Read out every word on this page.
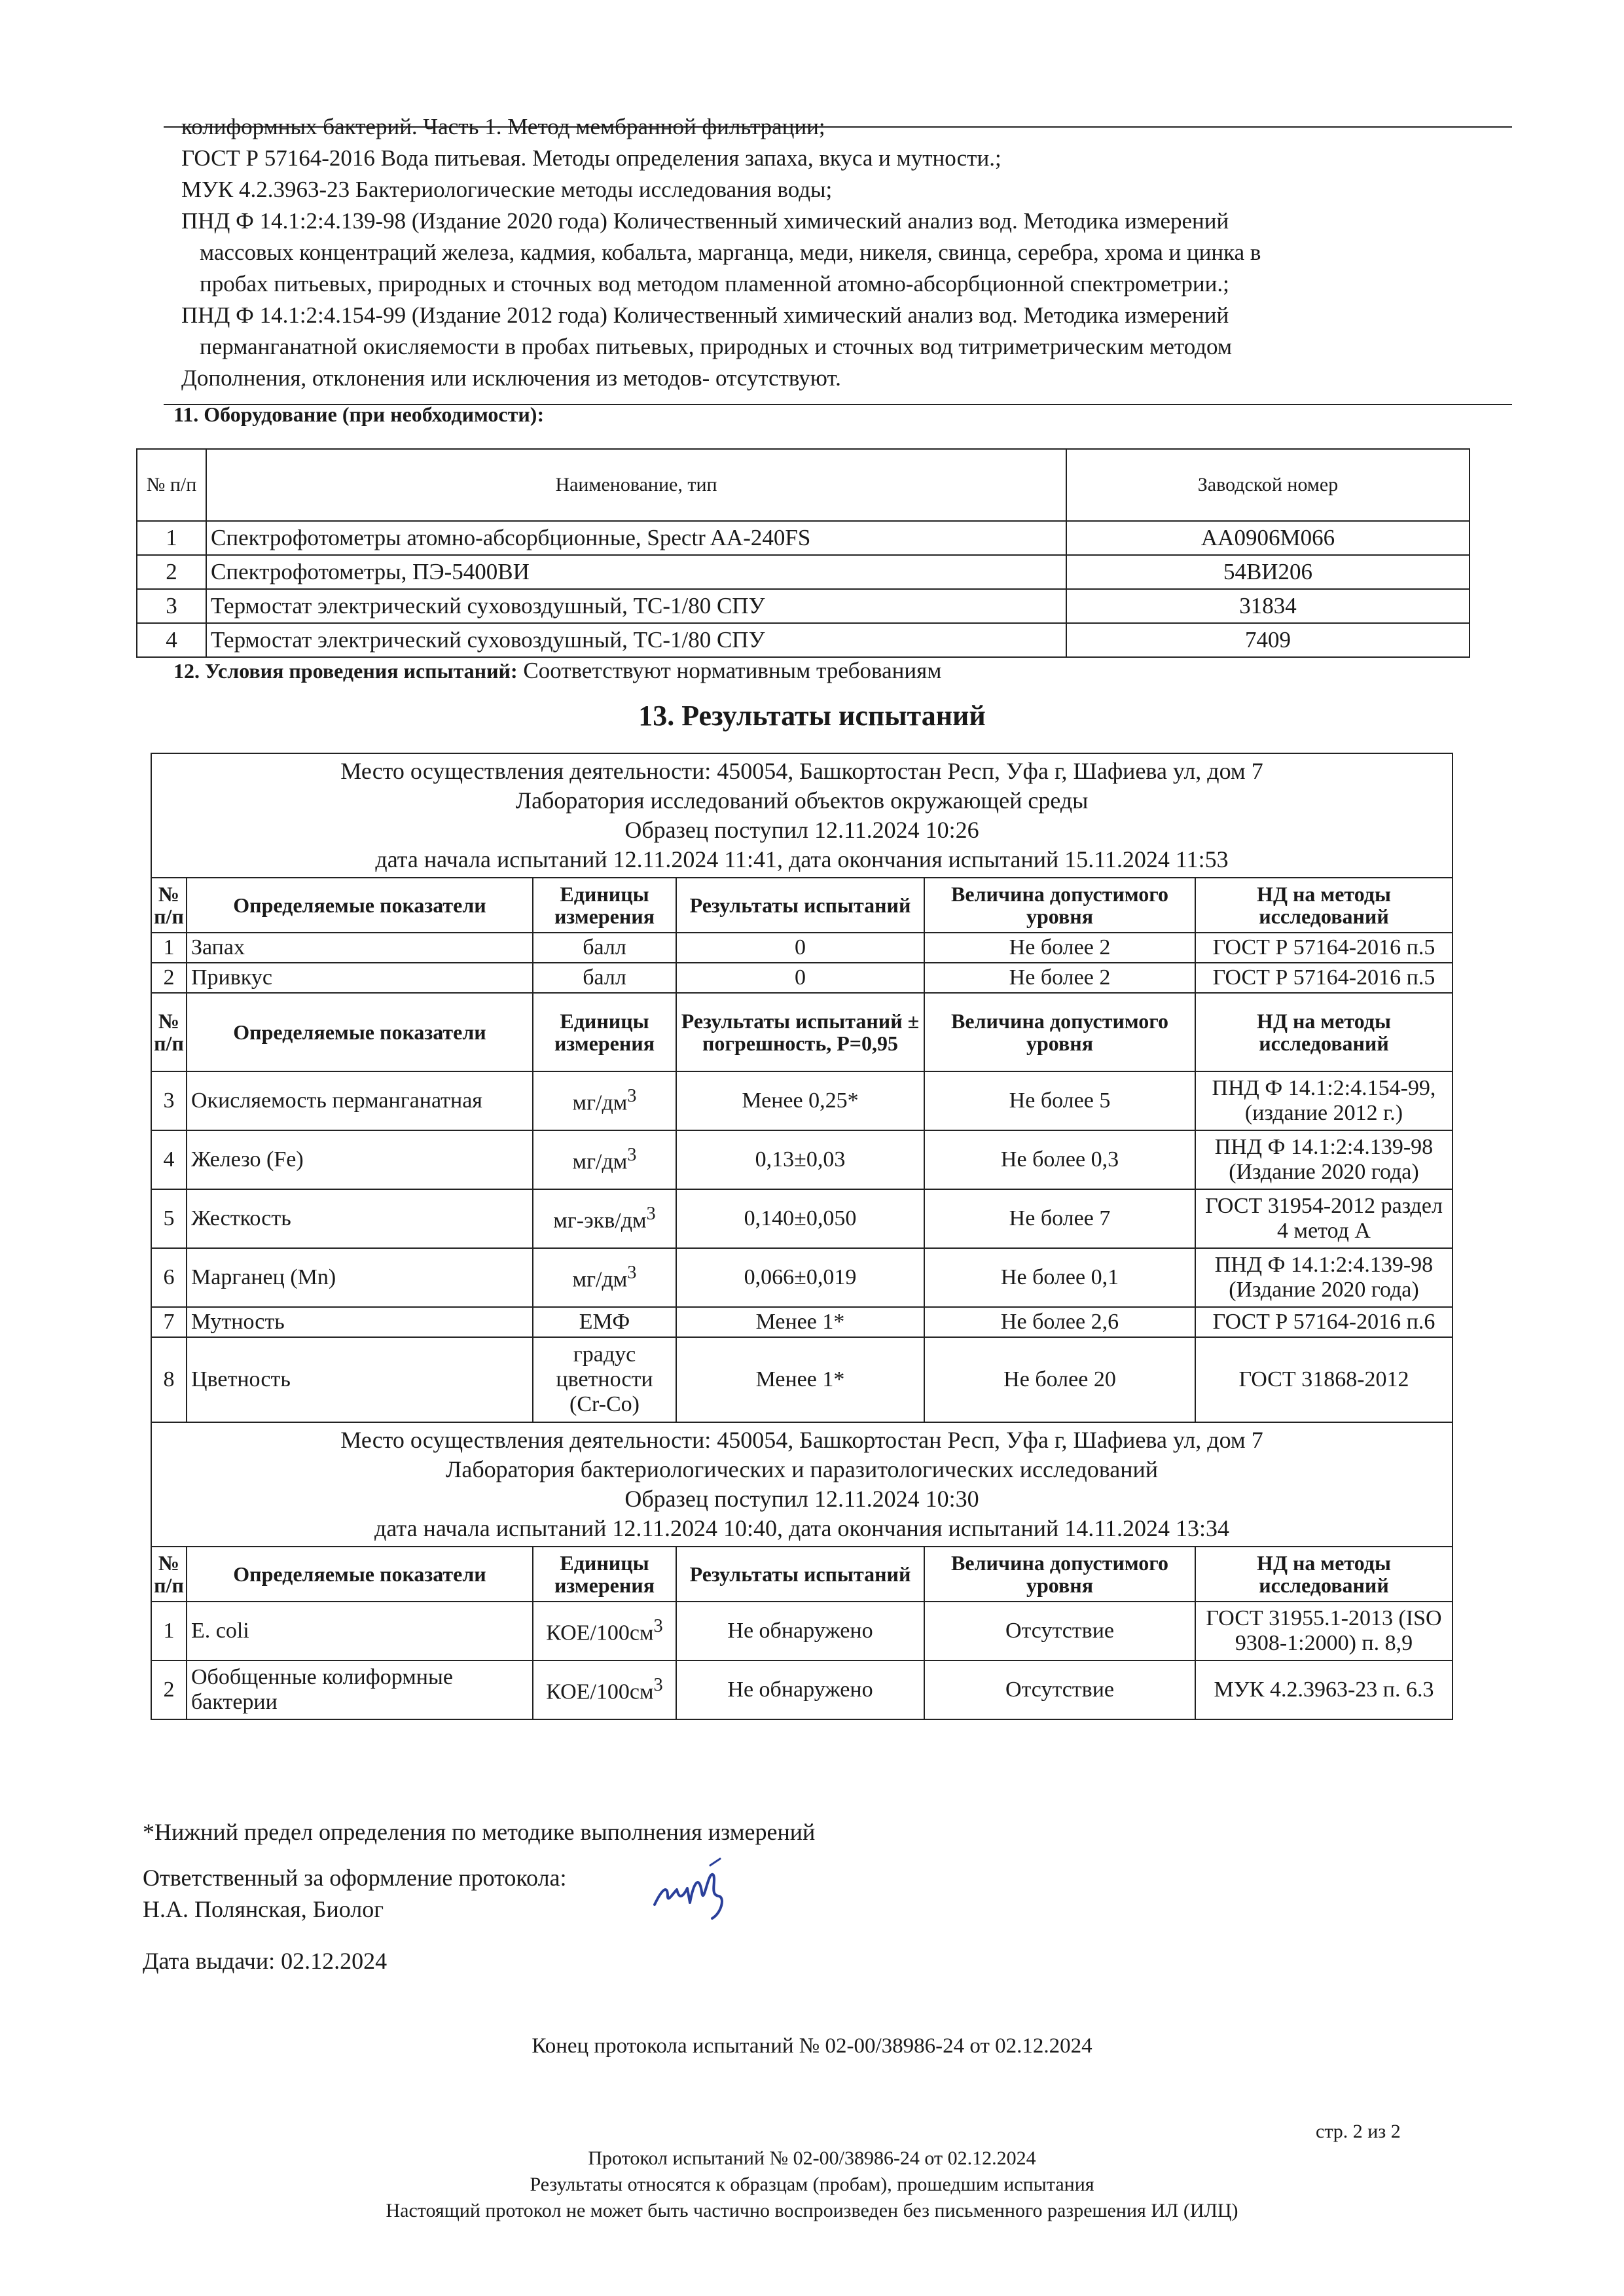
колиформных бактерий. Часть 1. Метод мембранной фильтрации;
ГОСТ Р 57164-2016 Вода питьевая. Методы определения запаха, вкуса и мутности.;
МУК 4.2.3963-23 Бактериологические методы исследования воды;
ПНД Ф 14.1:2:4.139-98 (Издание 2020 года) Количественный химический анализ вод. Методика измерений
массовых концентраций железа, кадмия, кобальта, марганца, меди, никеля, свинца, серебра, хрома и цинка в
пробах питьевых, природных и сточных вод методом пламенной атомно-абсорбционной спектрометрии.;
ПНД Ф 14.1:2:4.154-99 (Издание 2012 года) Количественный химический анализ вод. Методика измерений
перманганатной окисляемости в пробах питьевых, природных и сточных вод титриметрическим методом
Дополнения, отклонения или исключения из методов- отсутствуют.
11. Оборудование (при необходимости):
№ п/п	Наименование, тип	Заводской номер
1	Спектрофотометры атомно-абсорбционные, Spectr AA-240FS	AA0906M066
2	Спектрофотометры, ПЭ-5400ВИ	54ВИ206
3	Термостат электрический суховоздушный, ТС-1/80 СПУ	31834
4	Термостат электрический суховоздушный, ТС-1/80 СПУ	7409
12. Условия проведения испытаний: Соответствуют нормативным требованиям
13. Результаты испытаний
Место осуществления деятельности: 450054, Башкортостан Респ, Уфа г, Шафиева ул, дом 7
Лаборатория исследований объектов окружающей среды
Образец поступил 12.11.2024 10:26
дата начала испытаний 12.11.2024 11:41, дата окончания испытаний 15.11.2024 11:53					

№ п/п	Определяемые показатели	Единицы измерения	Результаты испытаний	Величина допустимого уровня	НД на методы исследований
1	Запах	балл	0	Не более 2	ГОСТ Р 57164-2016 п.5
2	Привкус	балл	0	Не более 2	ГОСТ Р 57164-2016 п.5
№ п/п	Определяемые показатели	Единицы измерения	Результаты испытаний ± погрешность, Р=0,95	Величина допустимого уровня	НД на методы исследований
3	Окисляемость перманганатная	$мг/дм^3$	Менее 0,25*	Не более 5	ПНД Ф 14.1:2:4.154-99, (издание 2012 г.)
4	Железо (Fe)	$мг/дм^3$	0,13±0,03	Не более 0,3	ПНД Ф 14.1:2:4.139-98 (Издание 2020 года)
5	Жесткость	$мг-экв/дм^3$	0,140±0,050	Не более 7	ГОСТ 31954-2012 раздел 4 метод А
6	Марганец (Mn)	$мг/дм^3$	0,066±0,019	Не более 0,1	ПНД Ф 14.1:2:4.139-98 (Издание 2020 года)
7	Мутность	ЕМФ	Менее 1*	Не более 2,6	ГОСТ Р 57164-2016 п.6
8	Цветность	градус цветности (Cr-Co)	Менее 1*	Не более 20	ГОСТ 31868-2012

Место осуществления деятельности: 450054, Башкортостан Респ, Уфа г, Шафиева ул, дом 7
Лаборатория бактериологических и паразитологических исследований
Образец поступил 12.11.2024 10:30
дата начала испытаний 12.11.2024 10:40, дата окончания испытаний 14.11.2024 13:34					

№ п/п	Определяемые показатели	Единицы измерения	Результаты испытаний	Величина допустимого уровня	НД на методы исследований
1	E. coli	КОЕ/$100см^3$	Не обнаружено	Отсутствие	ГОСТ 31955.1-2013 (ISO 9308-1:2000) п. 8,9
2	Обобщенные колиформные бактерии	КОЕ/$100см^3$	Не обнаружено	Отсутствие	МУК 4.2.3963-23 п. 6.3
*Нижний предел определения по методике выполнения измерений
Ответственный за оформление протокола:
Н.А. Полянская, Биолог
Дата выдачи: 02.12.2024
Конец протокола испытаний № 02-00/38986-24 от 02.12.2024
стр. 2 из 2
Протокол испытаний № 02-00/38986-24 от 02.12.2024
Результаты относятся к образцам (пробам), прошедшим испытания
Настоящий протокол не может быть частично воспроизведен без письменного разрешения ИЛ (ИЛЦ)
